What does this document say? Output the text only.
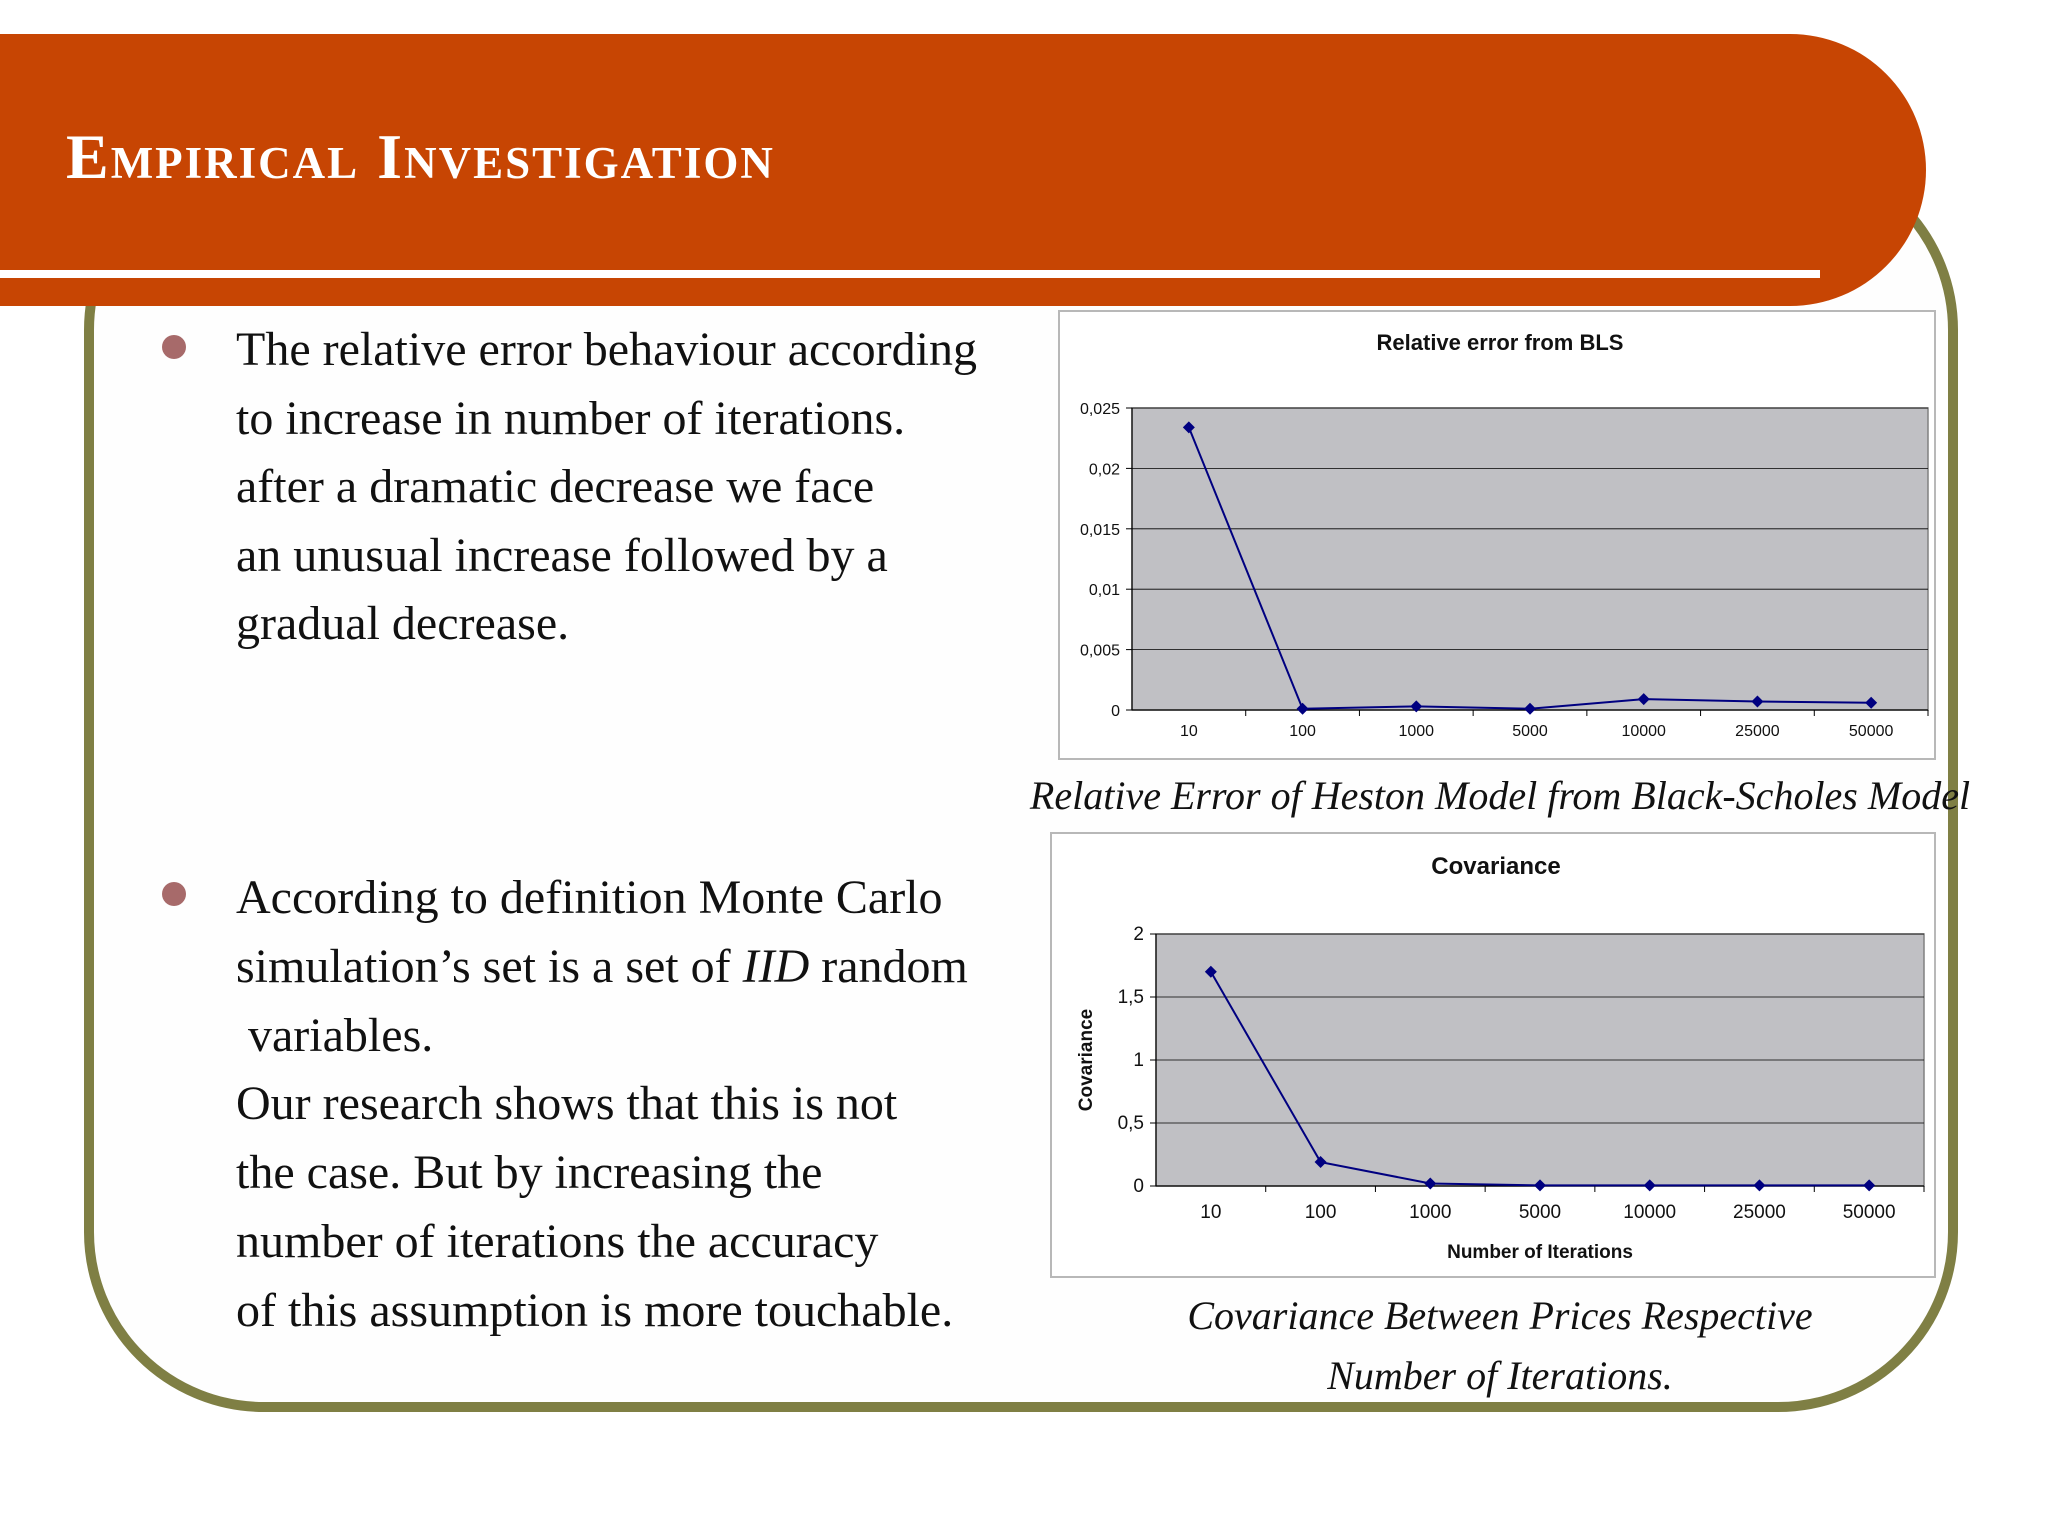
Empirical Investigation
The relative error behaviour according
to increase in number of iterations.
after a dramatic decrease we face
an unusual increase followed by a
gradual decrease.
According to definition Monte Carlo
simulation’s set is a set of IID random
variables.
Our research shows that this is not
the case. But by increasing the
number of iterations the accuracy
of this assumption is more touchable.
0
0,005
0,01
0,015
0,02
0,025
10	100	1000	5000	10000	25000	50000
Relative error from BLS
Relative Error of Heston Model from Black-Scholes Model
0
0,5
1
1,5
2
10	100	1000	5000	10000	25000	50000
Covariance
Number of Iterations
Covariance
Covariance Between Prices Respective
Number of Iterations.
